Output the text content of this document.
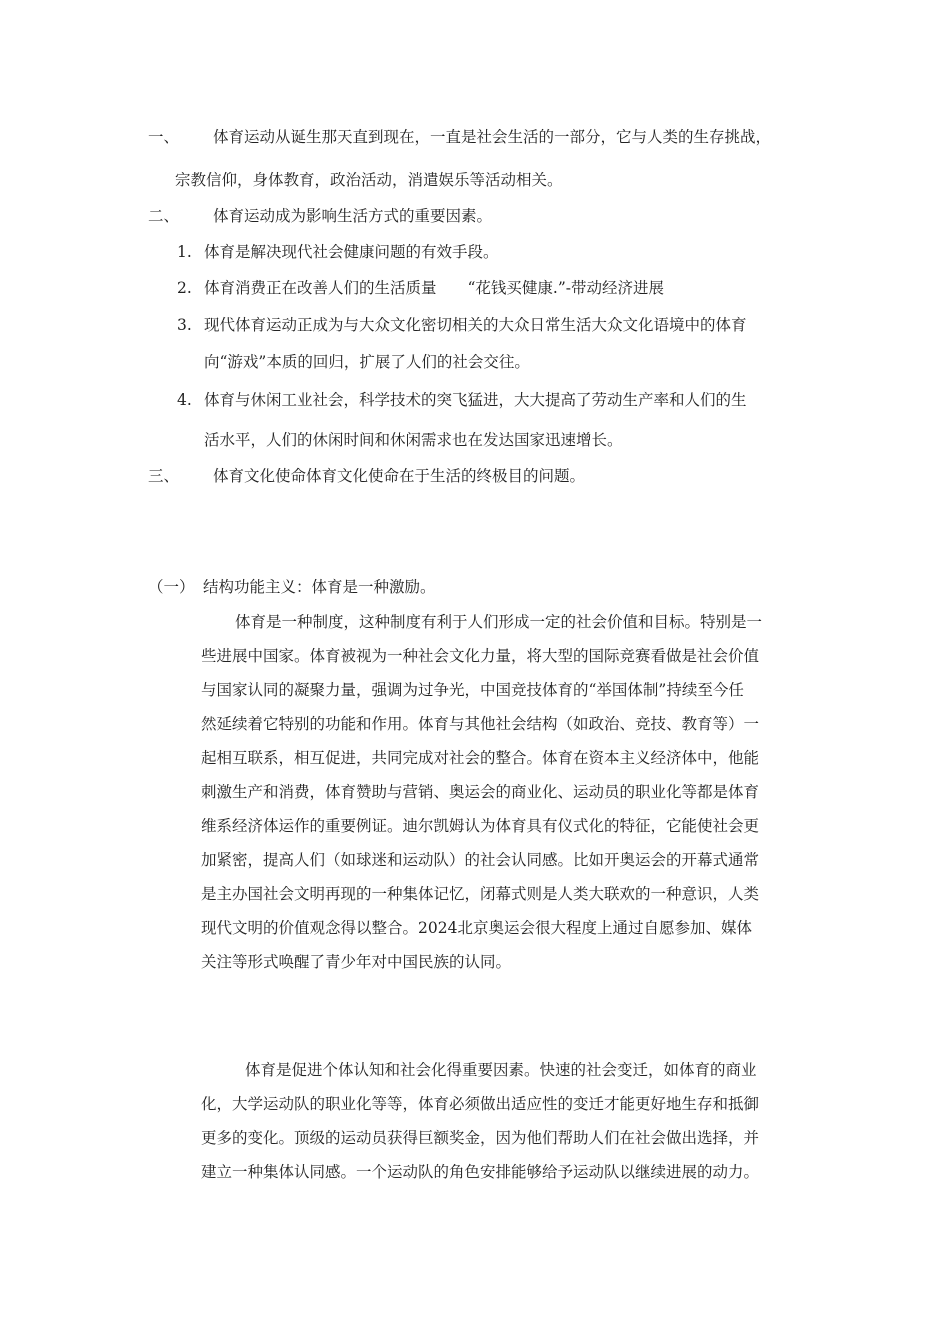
一、 体育运动从诞生那天直到现在，一直是社会生活的一部分，它与人类的生存挑战，
宗教信仰，身体教育，政治活动，消遣娱乐等活动相关。
二、 体育运动成为影响生活方式的重要因素。
1. 体育是解决现代社会健康问题的有效手段。
2. 体育消费正在改善人们的生活质量　　“花钱买健康.”-带动经济进展
3. 现代体育运动正成为与大众文化密切相关的大众日常生活大众文化语境中的体育
向“游戏”本质的回归，扩展了人们的社会交往。
4. 体育与休闲工业社会，科学技术的突飞猛进，大大提高了劳动生产率和人们的生
活水平，人们的休闲时间和休闲需求也在发达国家迅速增长。
三、 体育文化使命体育文化使命在于生活的终极目的问题。
（一） 结构功能主义：体育是一种激励。
体育是一种制度，这种制度有利于人们形成一定的社会价值和目标。特别是一
些进展中国家。体育被视为一种社会文化力量，将大型的国际竞赛看做是社会价值
与国家认同的凝聚力量，强调为过争光，中国竞技体育的“举国体制”持续至今任
然延续着它特别的功能和作用。体育与其他社会结构（如政治、竞技、教育等）一
起相互联系，相互促进，共同完成对社会的整合。体育在资本主义经济体中，他能
刺激生产和消费，体育赞助与营销、奥运会的商业化、运动员的职业化等都是体育
维系经济体运作的重要例证。迪尔凯姆认为体育具有仪式化的特征，它能使社会更
加紧密，提高人们（如球迷和运动队）的社会认同感。比如开奥运会的开幕式通常
是主办国社会文明再现的一种集体记忆，闭幕式则是人类大联欢的一种意识，人类
现代文明的价值观念得以整合。2024北京奥运会很大程度上通过自愿参加、媒体
关注等形式唤醒了青少年对中国民族的认同。
体育是促进个体认知和社会化得重要因素。快速的社会变迁，如体育的商业
化，大学运动队的职业化等等，体育必须做出适应性的变迁才能更好地生存和抵御
更多的变化。顶级的运动员获得巨额奖金，因为他们帮助人们在社会做出选择，并
建立一种集体认同感。一个运动队的角色安排能够给予运动队以继续进展的动力。
